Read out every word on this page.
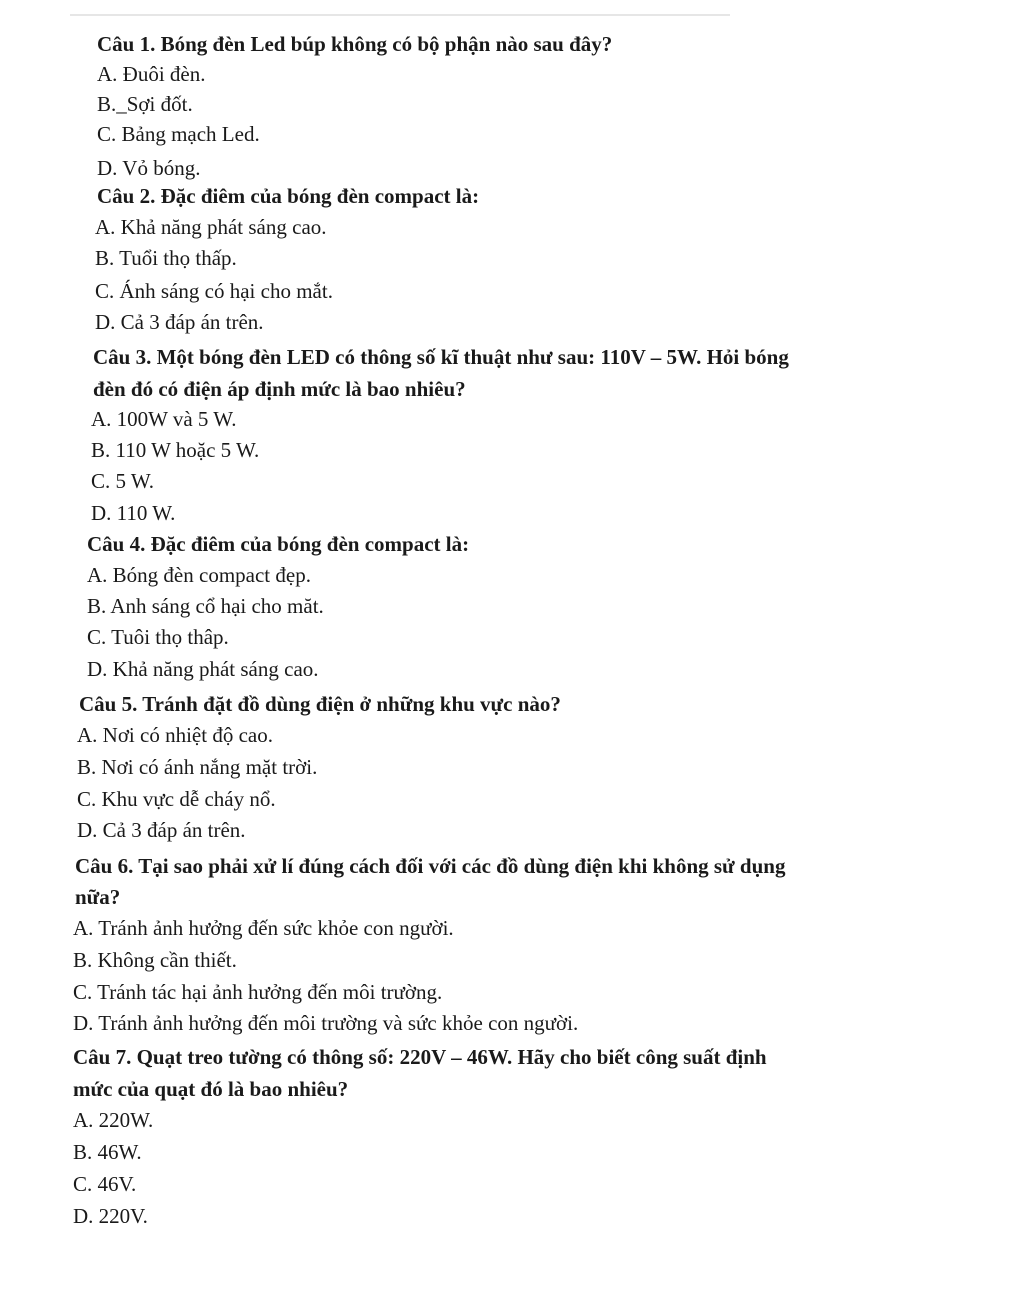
Câu 1. Bóng đèn Led búp không có bộ phận nào sau đây?
A. Đuôi đèn.
B._Sợi đốt.
C. Bảng mạch Led.
D. Vỏ bóng.
Câu 2. Đặc điêm của bóng đèn compact là:
A. Khả năng phát sáng cao.
B. Tuổi thọ thấp.
C. Ánh sáng có hại cho mắt.
D. Cả 3 đáp án trên.
Câu 3. Một bóng đèn LED có thông số kĩ thuật như sau: 110V – 5W. Hỏi bóng
đèn đó có điện áp định mức là bao nhiêu?
A. 100W và 5 W.
B. 110 W hoặc 5 W.
C. 5 W.
D. 110 W.
Câu 4. Đặc điêm của bóng đèn compact là:
A. Bóng đèn compact đẹp.
B. Anh sáng cổ hại cho măt.
C. Tuôi thọ thâp.
D. Khả năng phát sáng cao.
Câu 5. Tránh đặt đồ dùng điện ở những khu vực nào?
A. Nơi có nhiệt độ cao.
B. Nơi có ánh nắng mặt trời.
C. Khu vực dễ cháy nổ.
D. Cả 3 đáp án trên.
Câu 6. Tại sao phải xử lí đúng cách đối với các đồ dùng điện khi không sử dụng
nữa?
A. Tránh ảnh hưởng đến sức khỏe con người.
B. Không cần thiết.
C. Tránh tác hại ảnh hưởng đến môi trường.
D. Tránh ảnh hưởng đến môi trường và sức khỏe con người.
Câu 7. Quạt treo tường có thông số: 220V – 46W. Hãy cho biết công suất định
mức của quạt đó là bao nhiêu?
A. 220W.
B. 46W.
C. 46V.
D. 220V.
